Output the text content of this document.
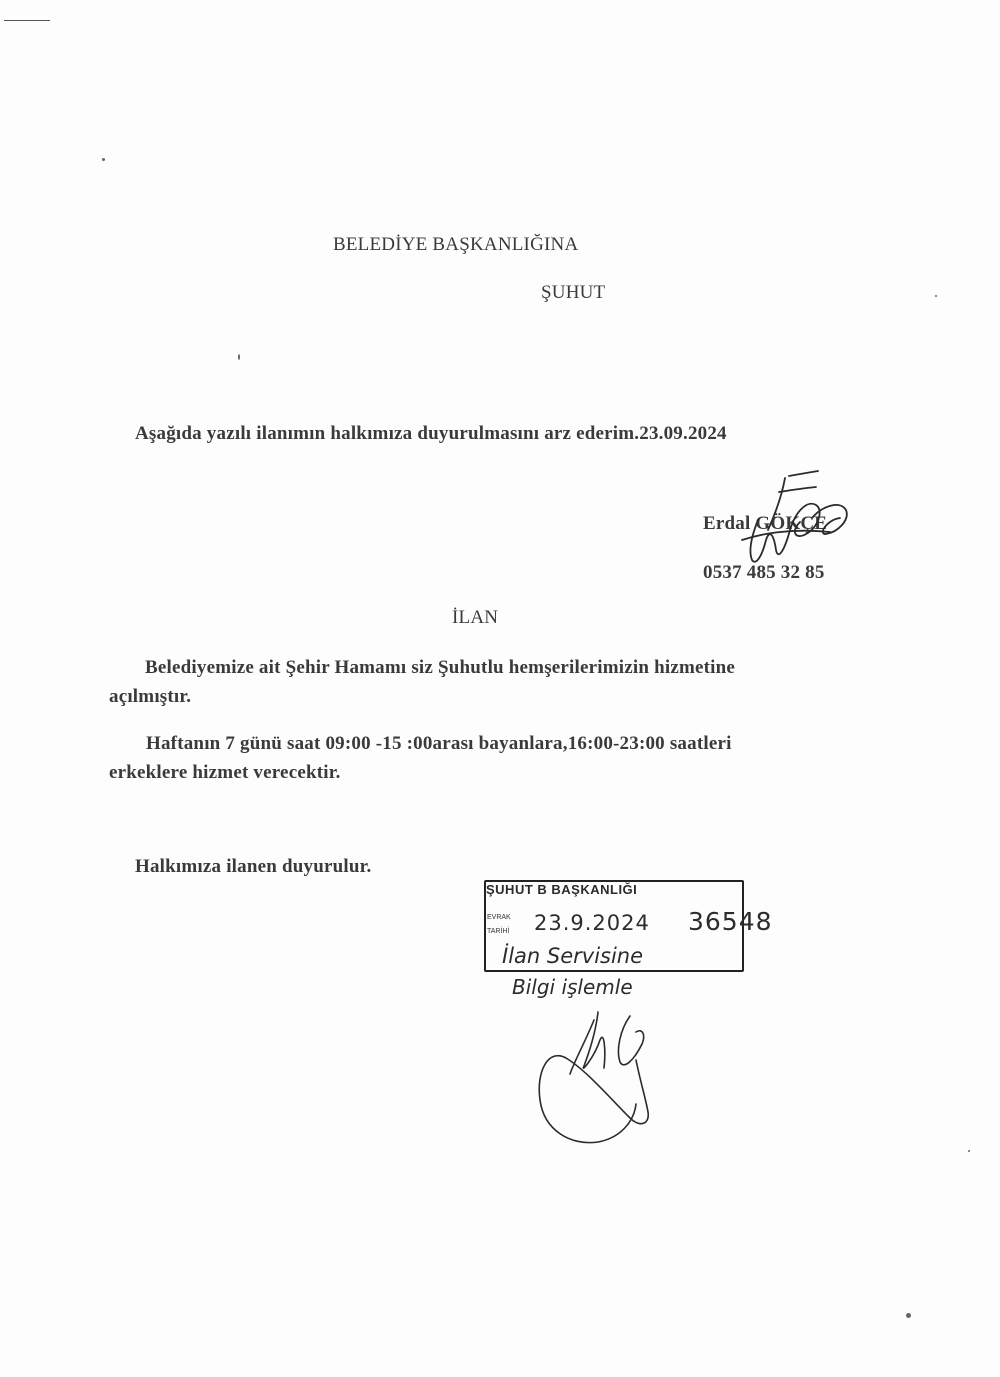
BELEDİYE BAŞKANLIĞINA
ŞUHUT
Aşağıda yazılı ilanımın halkımıza duyurulmasını arz ederim.23.09.2024
Erdal GÖKÇE
0537 485 32 85
İLAN
Belediyemize ait Şehir Hamamı siz Şuhutlu hemşerilerimizin hizmetine
açılmıştır.
Haftanın 7 günü saat 09:00 -15 :00arası bayanlara,16:00-23:00 saatleri
erkeklere hizmet verecektir.
Halkımıza ilanen duyurulur.
ŞUHUT B BAŞKANLIĞI
EVRAK
TARİHİ 23.9.2024 36548
İlan Servisine
Bilgi işlemle
